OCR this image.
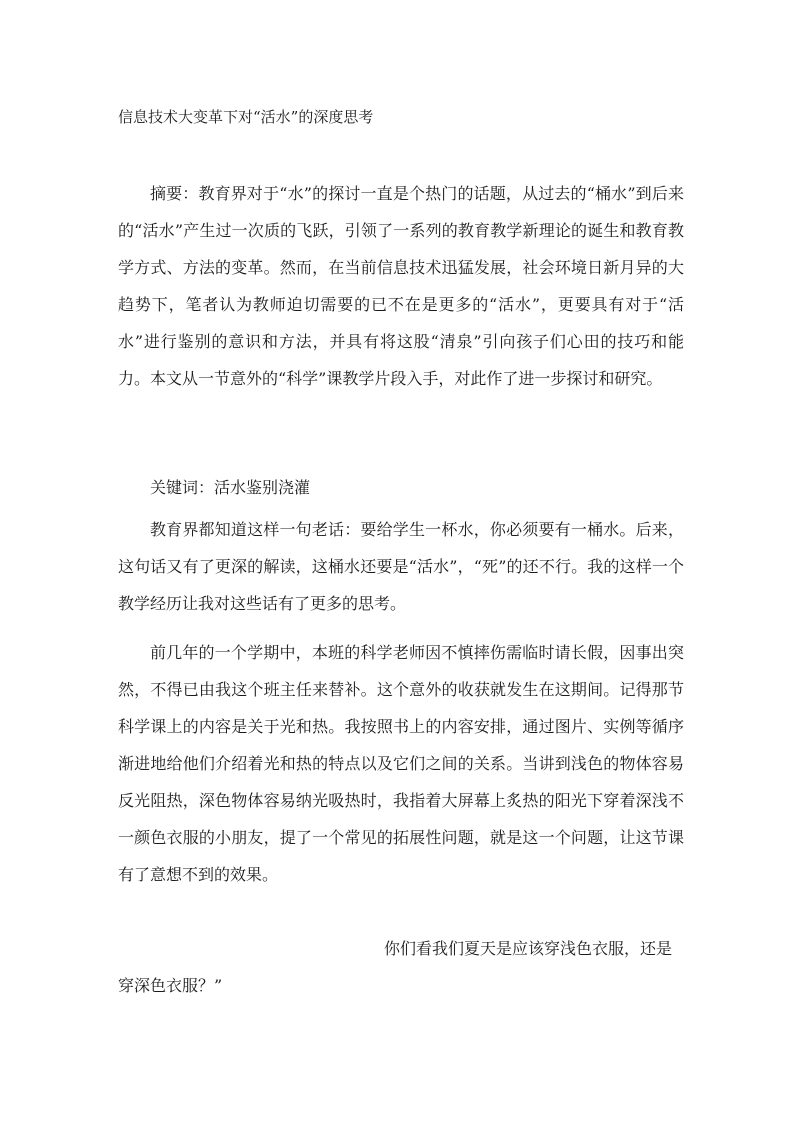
信息技术大变革下对“活水”的深度思考

摘要：教育界对于“水”的探讨一直是个热门的话题，从过去的“桶水”到后来的“活水”产生过一次质的飞跃，引领了一系列的教育教学新理论的诞生和教育教学方式、方法的变革。然而，在当前信息技术迅猛发展，社会环境日新月异的大趋势下，笔者认为教师迫切需要的已不在是更多的“活水”，更要具有对于“活水”进行鉴别的意识和方法，并具有将这股“清泉”引向孩子们心田的技巧和能力。本文从一节意外的“科学”课教学片段入手，对此作了进一步探讨和研究。

关键词：活水鉴别浇灌

教育界都知道这样一句老话：要给学生一杯水，你必须要有一桶水。后来，这句话又有了更深的解读，这桶水还要是“活水”，“死”的还不行。我的这样一个教学经历让我对这些话有了更多的思考。

前几年的一个学期中，本班的科学老师因不慎摔伤需临时请长假，因事出突然，不得已由我这个班主任来替补。这个意外的收获就发生在这期间。记得那节科学课上的内容是关于光和热。我按照书上的内容安排，通过图片、实例等循序渐进地给他们介绍着光和热的特点以及它们之间的关系。当讲到浅色的物体容易反光阻热，深色物体容易纳光吸热时，我指着大屏幕上炙热的阳光下穿着深浅不一颜色衣服的小朋友，提了一个常见的拓展性问题，就是这一个问题，让这节课有了意想不到的效果。

你们看我们夏天是应该穿浅色衣服，还是穿深色衣服？”
